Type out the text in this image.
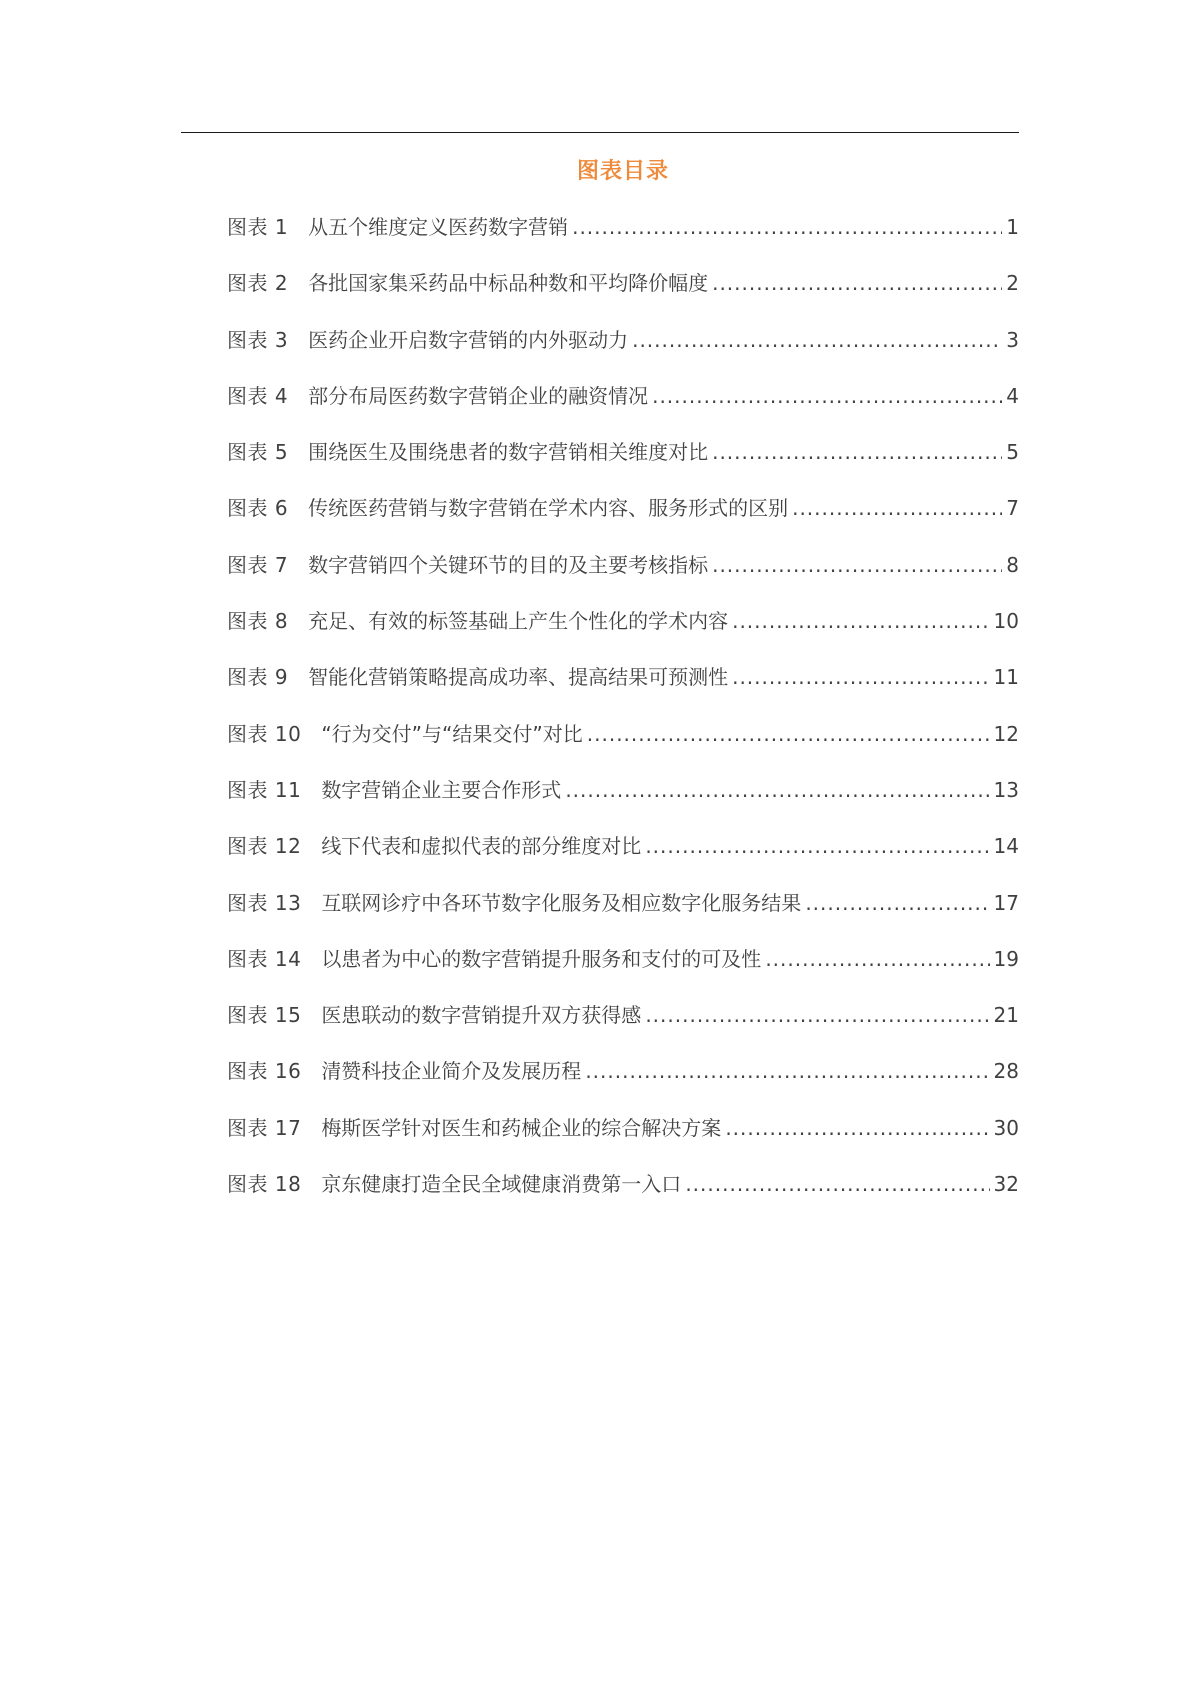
图表目录
图表 1 从五个维度定义医药数字营销 .....	1
图表 2 各批国家集采药品中标品种数和平均降价幅度 .....	2
图表 3 医药企业开启数字营销的内外驱动力 .....	3
图表 4 部分布局医药数字营销企业的融资情况 .....	4
图表 5 围绕医生及围绕患者的数字营销相关维度对比 .....	5
图表 6 传统医药营销与数字营销在学术内容、服务形式的区别 .....	7
图表 7 数字营销四个关键环节的目的及主要考核指标 .....	8
图表 8 充足、有效的标签基础上产生个性化的学术内容 .....	10
图表 9 智能化营销策略提高成功率、提高结果可预测性 .....	11
图表 10 “行为交付”与“结果交付”对比 .....	12
图表 11 数字营销企业主要合作形式 .....	13
图表 12 线下代表和虚拟代表的部分维度对比 .....	14
图表 13 互联网诊疗中各环节数字化服务及相应数字化服务结果 .....	17
图表 14 以患者为中心的数字营销提升服务和支付的可及性 .....	19
图表 15 医患联动的数字营销提升双方获得感 .....	21
图表 16 清赞科技企业简介及发展历程 .....	28
图表 17 梅斯医学针对医生和药械企业的综合解决方案 .....	30
图表 18 京东健康打造全民全域健康消费第一入口 .....	32
